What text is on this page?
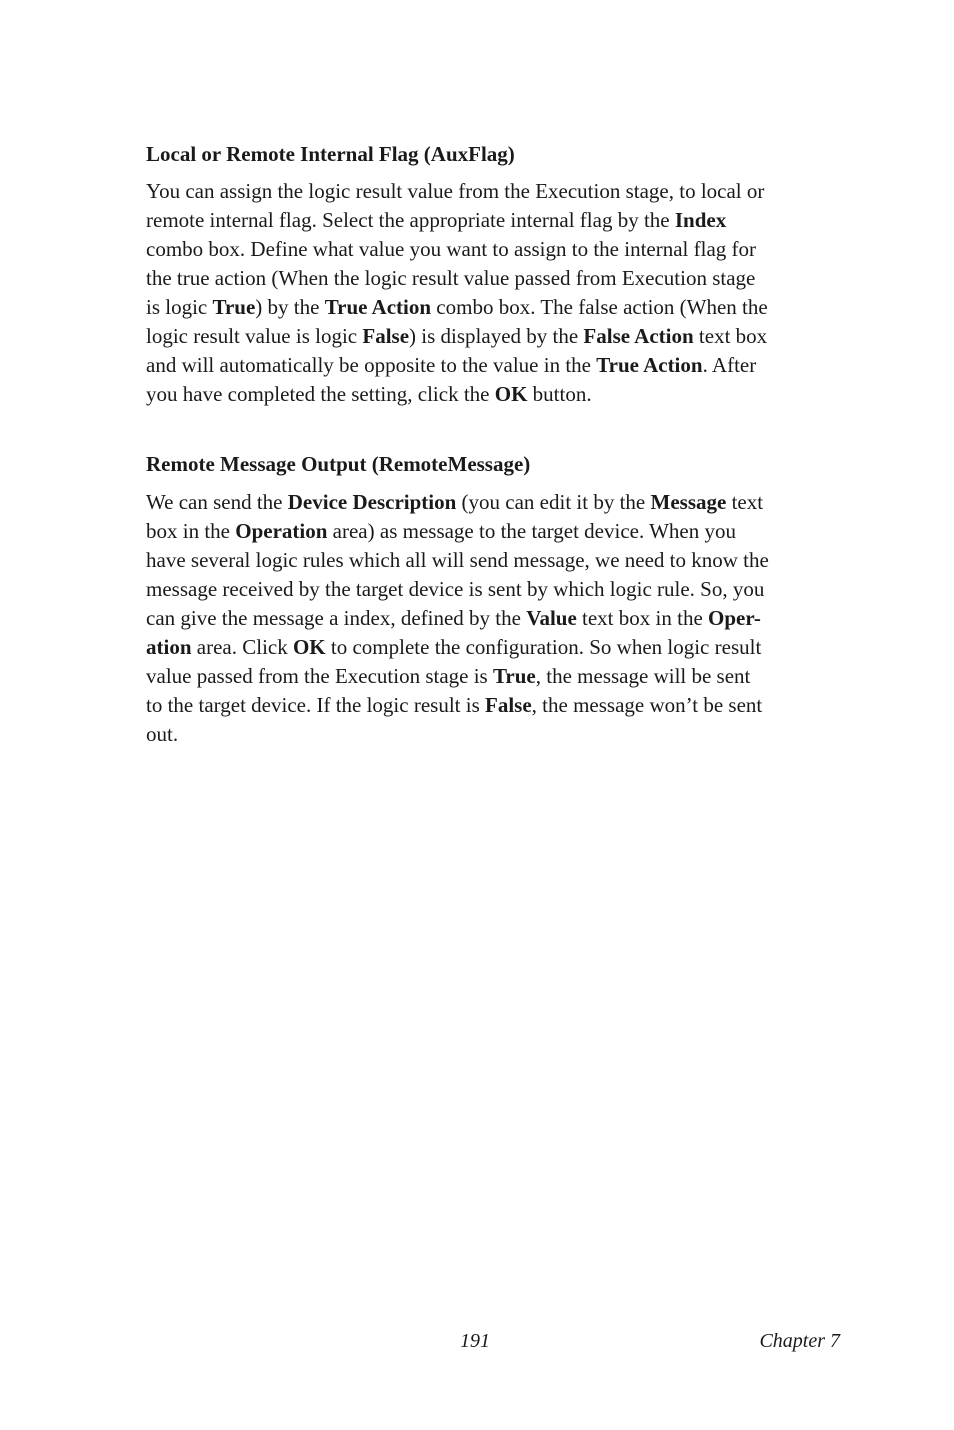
Local or Remote Internal Flag (AuxFlag)
You can assign the logic result value from the Execution stage, to local or
remote internal flag. Select the appropriate internal flag by the Index
combo box. Define what value you want to assign to the internal flag for
the true action (When the logic result value passed from Execution stage
is logic True) by the True Action combo box. The false action (When the
logic result value is logic False) is displayed by the False Action text box
and will automatically be opposite to the value in the True Action. After
you have completed the setting, click the OK button.
Remote Message Output (RemoteMessage)
We can send the Device Description (you can edit it by the Message text
box in the Operation area) as message to the target device. When you
have several logic rules which all will send message, we need to know the
message received by the target device is sent by which logic rule. So, you
can give the message a index, defined by the Value text box in the Oper-
ation area. Click OK to complete the configuration. So when logic result
value passed from the Execution stage is True, the message will be sent
to the target device. If the logic result is False, the message won’t be sent
out.
191	Chapter 7
